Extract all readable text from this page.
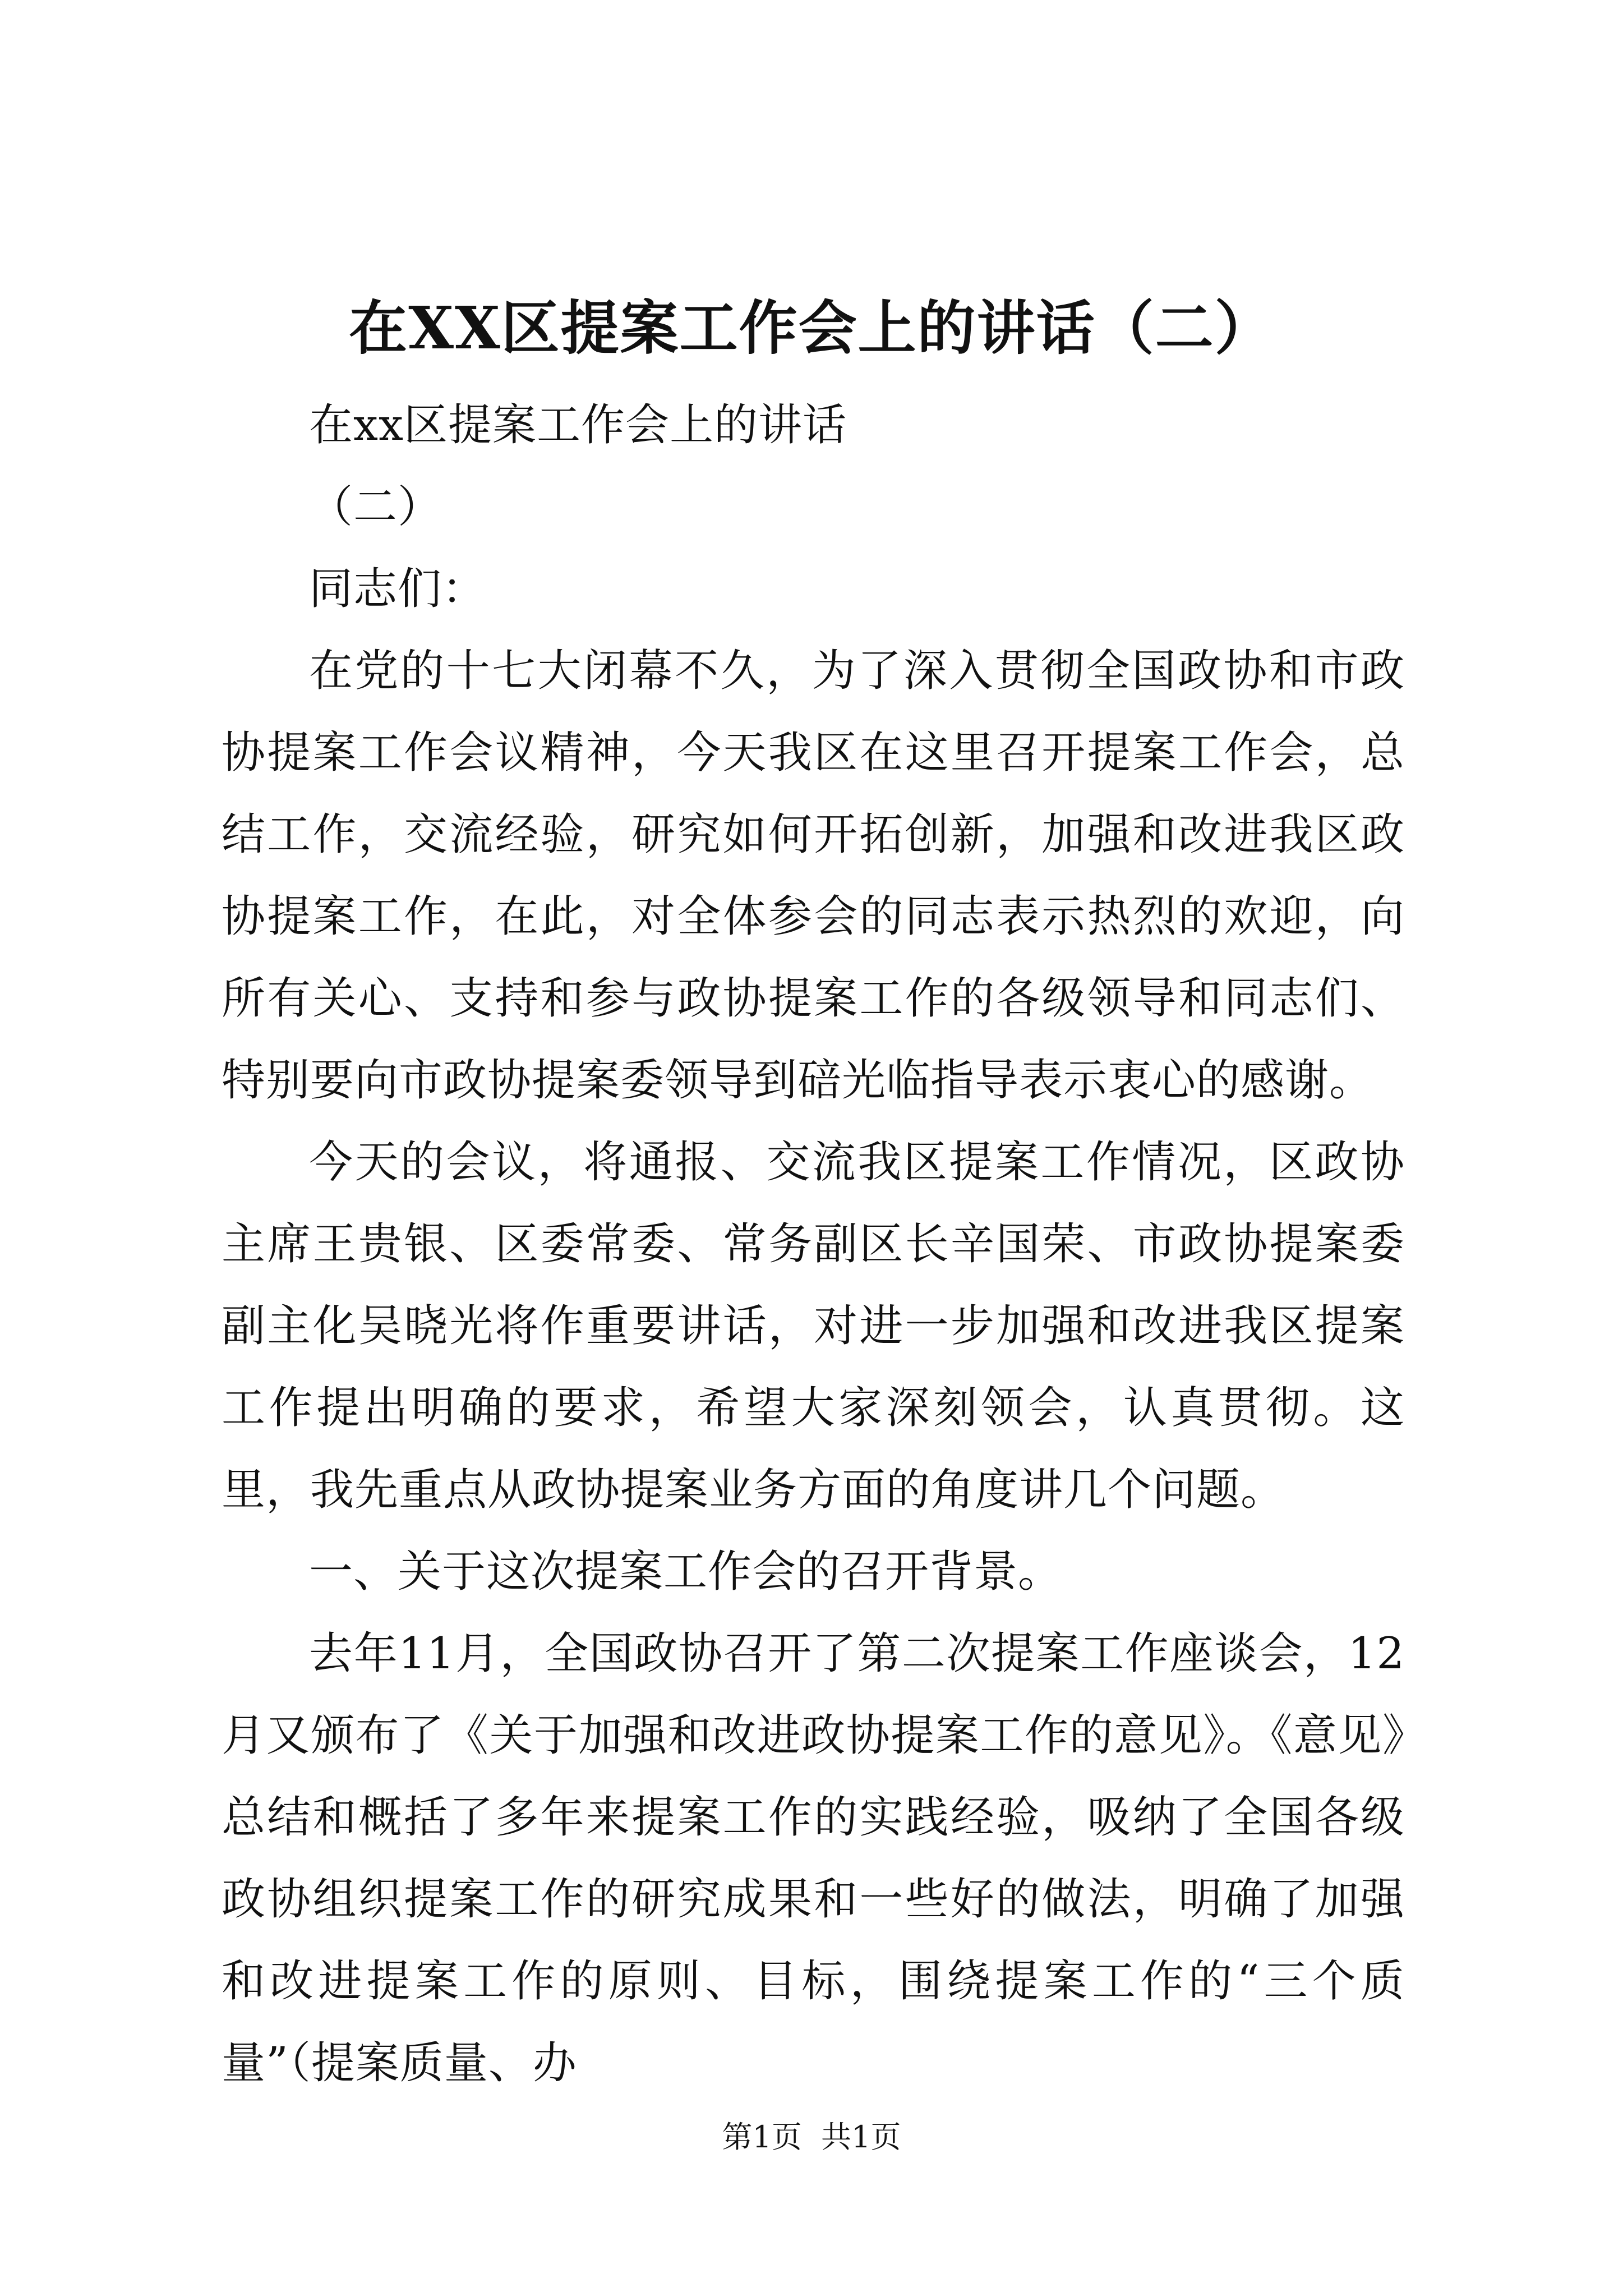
在XX区提案工作会上的讲话（二）

在xx区提案工作会上的讲话

（二）

同志们：

在党的十七大闭幕不久，为了深入贯彻全国政协和市政协提案工作会议精神，今天我区在这里召开提案工作会，总结工作，交流经验，研究如何开拓创新，加强和改进我区政协提案工作，在此，对全体参会的同志表示热烈的欢迎，向所有关心、支持和参与政协提案工作的各级领导和同志们、特别要向市政协提案委领导到碚光临指导表示衷心的感谢。

今天的会议，将通报、交流我区提案工作情况，区政协主席王贵银、区委常委、常务副区长辛国荣、市政协提案委副主化吴晓光将作重要讲话，对进一步加强和改进我区提案工作提出明确的要求，希望大家深刻领会，认真贯彻。这里，我先重点从政协提案业务方面的角度讲几个问题。

一、关于这次提案工作会的召开背景。

去年11月，全国政协召开了第二次提案工作座谈会，12月又颁布了《关于加强和改进政协提案工作的意见》。《意见》总结和概括了多年来提案工作的实践经验，吸纳了全国各级政协组织提案工作的研究成果和一些好的做法，明确了加强和改进提案工作的原则、目标，围绕提案工作的“三个质量”（提案质量、办

第1页 共1页
